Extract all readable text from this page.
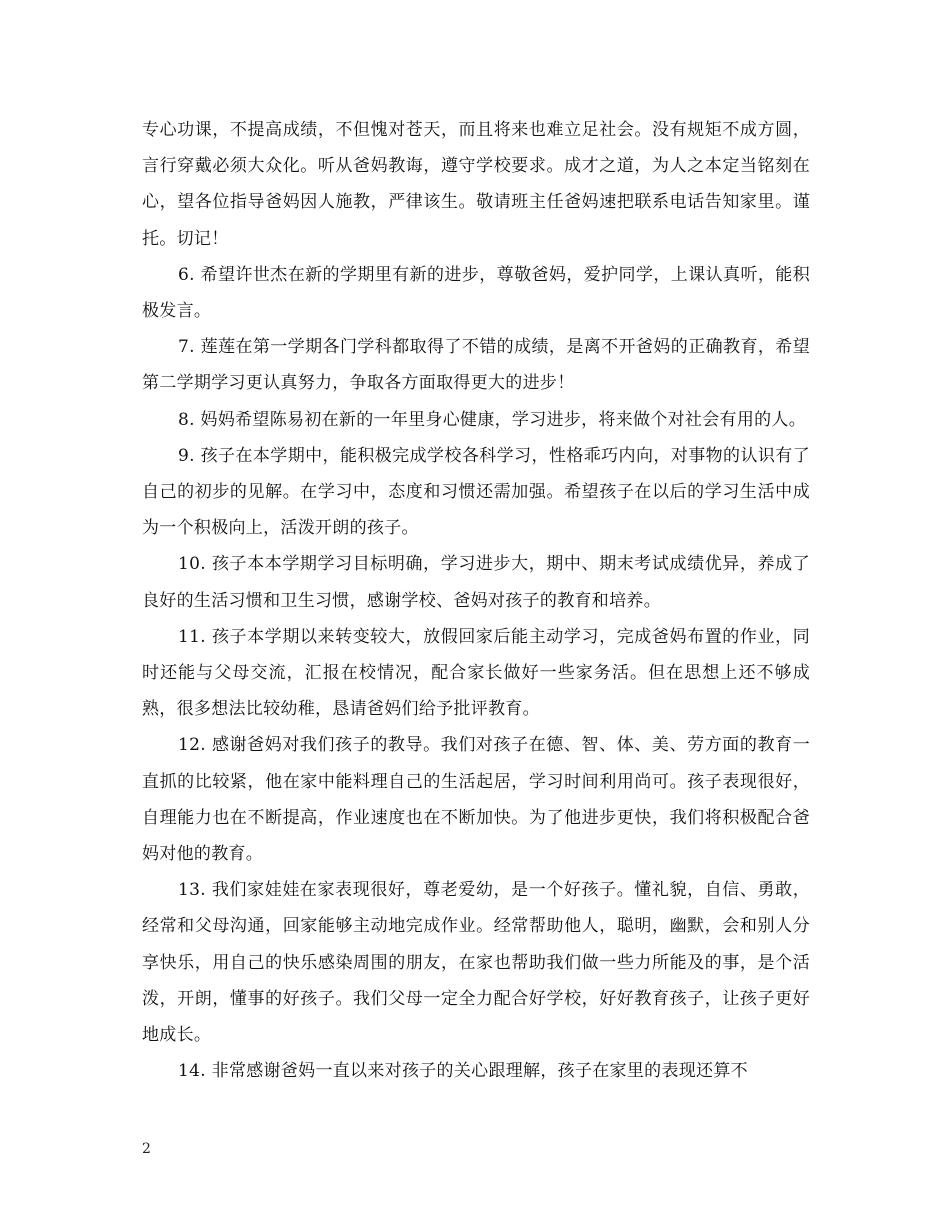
专心功课，不提高成绩，不但愧对苍天，而且将来也难立足社会。没有规矩不成方圆，言行穿戴必须大众化。听从爸妈教诲，遵守学校要求。成才之道，为人之本定当铭刻在心，望各位指导爸妈因人施教，严律该生。敬请班主任爸妈速把联系电话告知家里。谨托。切记！

6. 希望许世杰在新的学期里有新的进步，尊敬爸妈，爱护同学，上课认真听，能积极发言。

7. 莲莲在第一学期各门学科都取得了不错的成绩，是离不开爸妈的正确教育，希望第二学期学习更认真努力，争取各方面取得更大的进步！

8. 妈妈希望陈易初在新的一年里身心健康，学习进步，将来做个对社会有用的人。

9. 孩子在本学期中，能积极完成学校各科学习，性格乖巧内向，对事物的认识有了自己的初步的见解。在学习中，态度和习惯还需加强。希望孩子在以后的学习生活中成为一个积极向上，活泼开朗的孩子。

10. 孩子本本学期学习目标明确，学习进步大，期中、期末考试成绩优异，养成了良好的生活习惯和卫生习惯，感谢学校、爸妈对孩子的教育和培养。

11. 孩子本学期以来转变较大，放假回家后能主动学习，完成爸妈布置的作业，同时还能与父母交流，汇报在校情况，配合家长做好一些家务活。但在思想上还不够成熟，很多想法比较幼稚，恳请爸妈们给予批评教育。

12. 感谢爸妈对我们孩子的教导。我们对孩子在德、智、体、美、劳方面的教育一直抓的比较紧，他在家中能料理自己的生活起居，学习时间利用尚可。孩子表现很好，自理能力也在不断提高，作业速度也在不断加快。为了他进步更快，我们将积极配合爸妈对他的教育。

13. 我们家娃娃在家表现很好，尊老爱幼，是一个好孩子。懂礼貌，自信、勇敢，经常和父母沟通，回家能够主动地完成作业。经常帮助他人，聪明，幽默，会和别人分享快乐，用自己的快乐感染周围的朋友，在家也帮助我们做一些力所能及的事，是个活泼，开朗，懂事的好孩子。我们父母一定全力配合好学校，好好教育孩子，让孩子更好地成长。

14. 非常感谢爸妈一直以来对孩子的关心跟理解，孩子在家里的表现还算不

2
